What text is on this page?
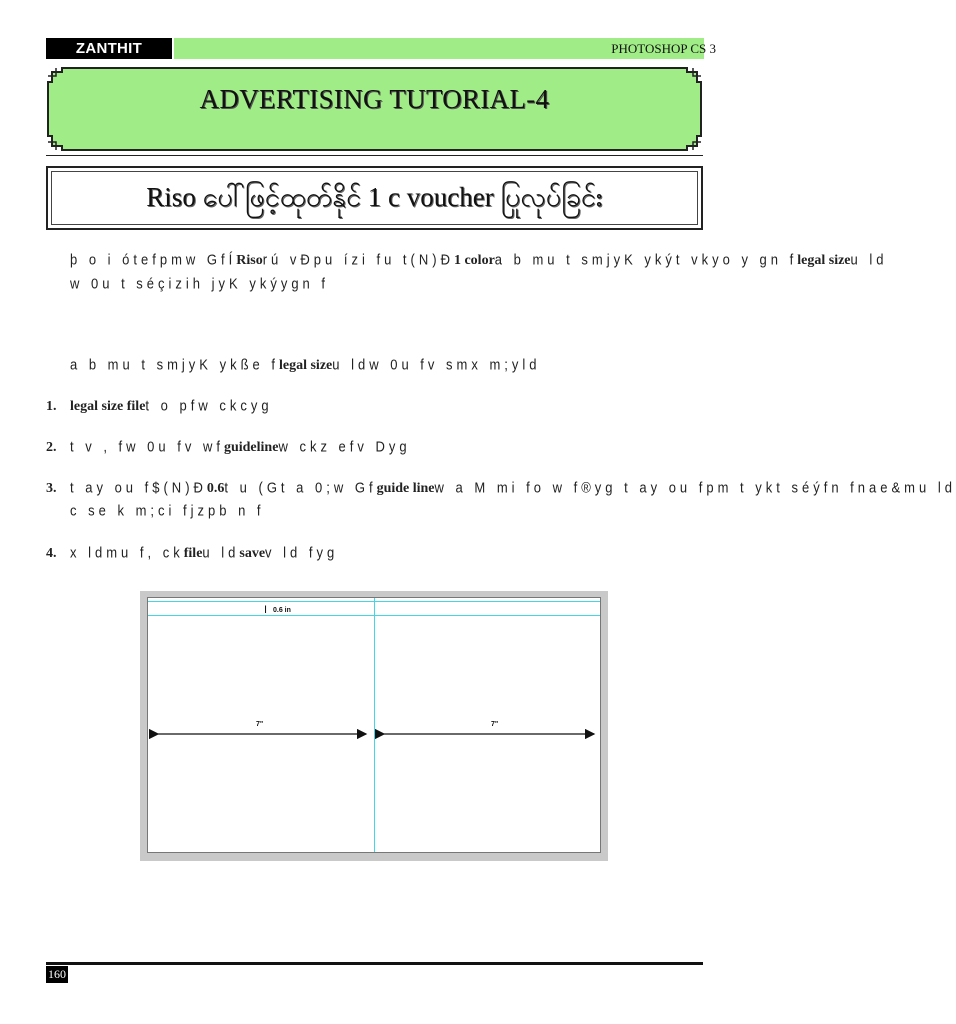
ZANTHIT	PHOTOSHOP CS 3
ADVERTISING TUTORIAL-4
Riso ပေါ်ဖြင့်ထုတ်နိုင် 1 c voucher ပြုလုပ်ခြင်း
þ o i ótefpmw GfÍRisorú vÐpu ízi fu t(N)Ð1 colora b mu t smjyK ykýt vkyo y gn flegal sizeu ld
w 0u t séçizih jyK ykýygn f
a b mu t smjyK ykße flegal sizeu ldw 0u fv smx m;yld
1. legal size filet o pfw ckcyg
2. t v , fw 0u fv wfguidelinew ckz efv Dyg
3. t ay ou f$(N)Ð0.6t u (Gt a 0;w Gfguide linew a M mi fo w f®yg t ay ou fpm t ykt séýfn fnae&mu ld
c se k m;ci fjzpb n f
4. x ldmu f, ckfileu ldsavev ld fyg
I 0.6 in
7"	7"
160
